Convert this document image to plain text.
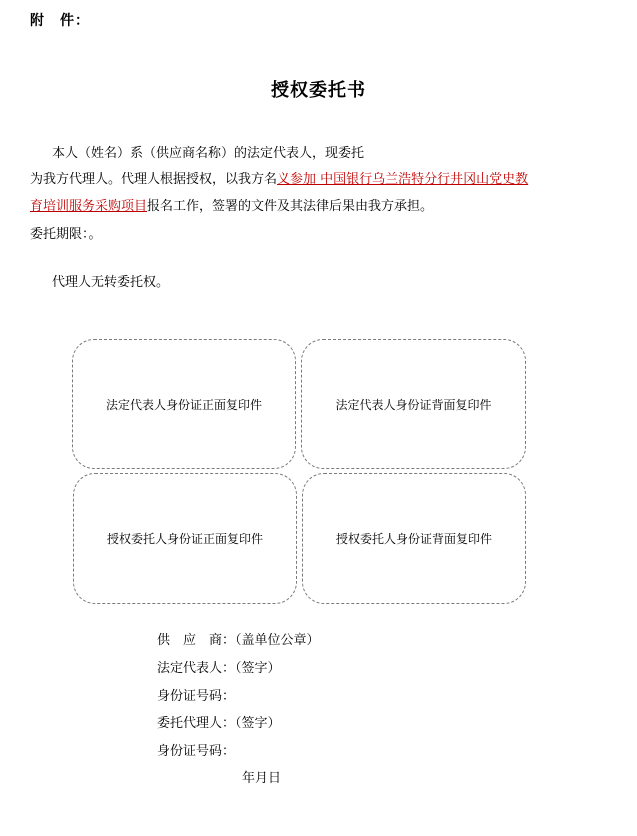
附　件：
授权委托书
本人（姓名）系（供应商名称）的法定代表人，现委托
为我方代理人。代理人根据授权，以我方名义参加 中国银行乌兰浩特分行井冈山党史教
育培训服务采购项目报名工作，签署的文件及其法律后果由我方承担。
委托期限：。
代理人无转委托权。
法定代表人身份证正面复印件	法定代表人身份证背面复印件
授权委托人身份证正面复印件	授权委托人身份证背面复印件
供　应　商：（盖单位公章）
法定代表人：（签字）
身份证号码：
委托代理人：（签字）
身份证号码：
年月日
